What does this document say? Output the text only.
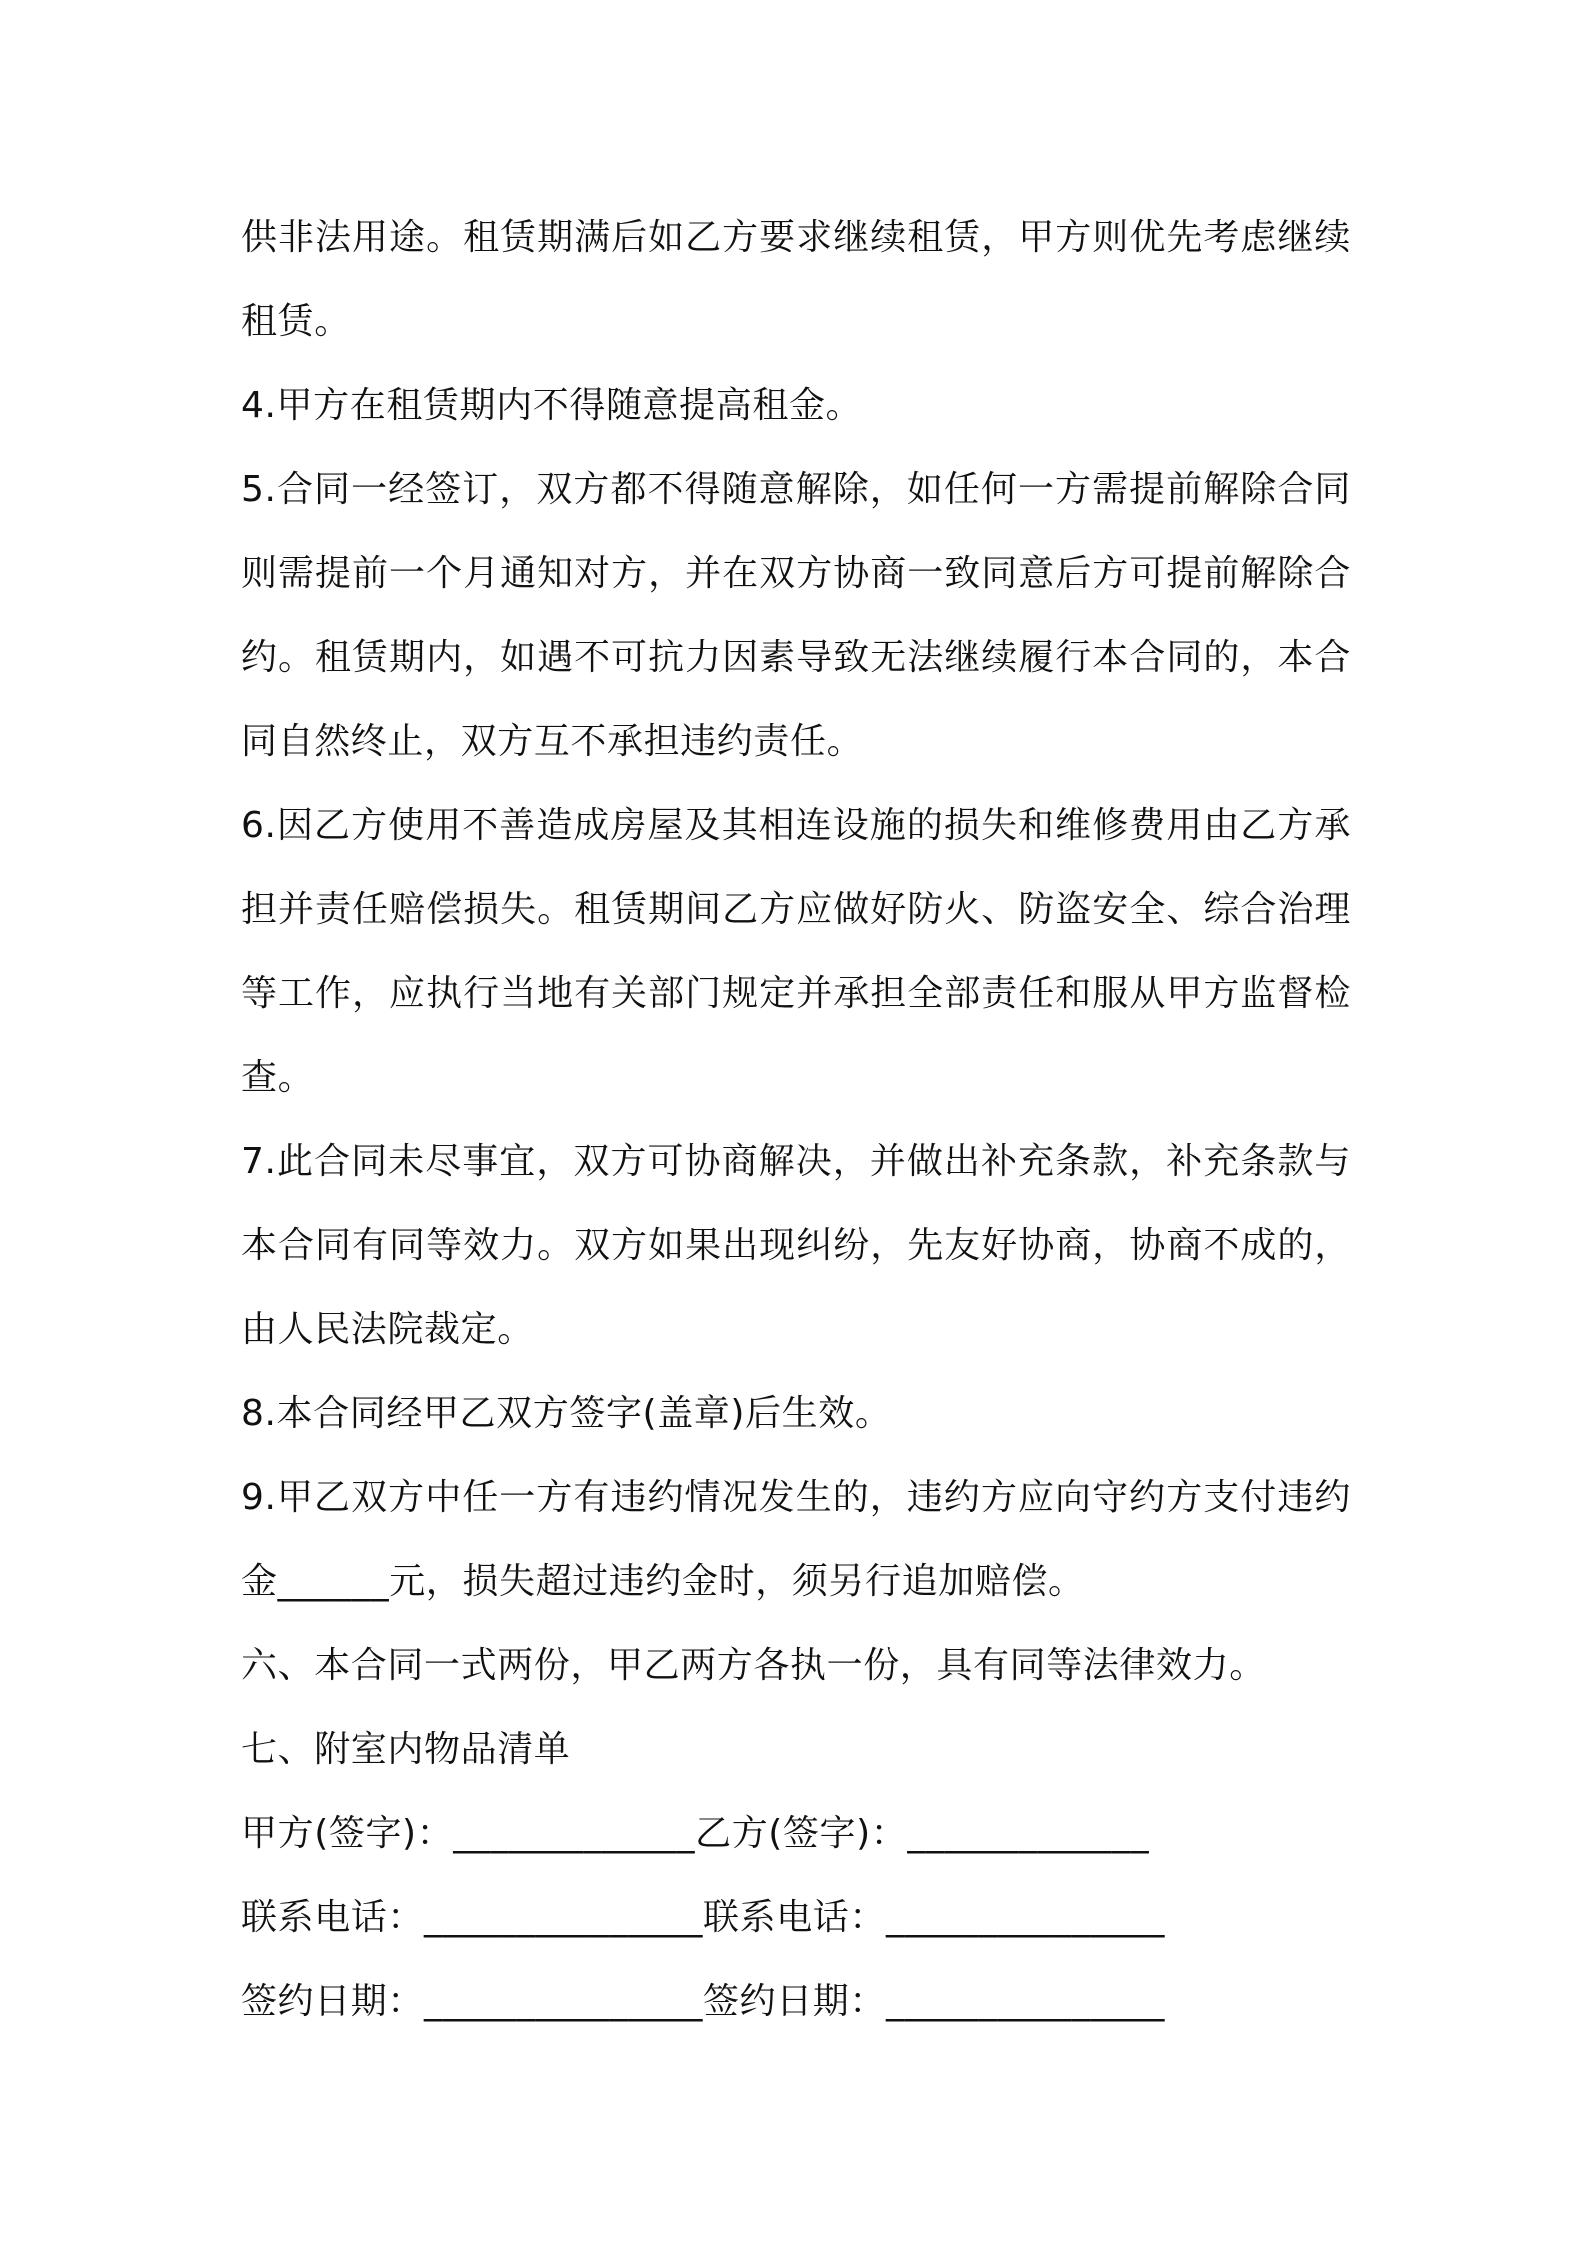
供非法用途。租赁期满后如乙方要求继续租赁，甲方则优先考虑继续租赁。

4.甲方在租赁期内不得随意提高租金。

5.合同一经签订，双方都不得随意解除，如任何一方需提前解除合同则需提前一个月通知对方，并在双方协商一致同意后方可提前解除合约。租赁期内，如遇不可抗力因素导致无法继续履行本合同的，本合同自然终止，双方互不承担违约责任。

6.因乙方使用不善造成房屋及其相连设施的损失和维修费用由乙方承担并责任赔偿损失。租赁期间乙方应做好防火、防盗安全、综合治理等工作，应执行当地有关部门规定并承担全部责任和服从甲方监督检查。

7.此合同未尽事宜，双方可协商解决，并做出补充条款，补充条款与本合同有同等效力。双方如果出现纠纷，先友好协商，协商不成的，由人民法院裁定。

8.本合同经甲乙双方签字(盖章)后生效。

9.甲乙双方中任一方有违约情况发生的，违约方应向守约方支付违约金______元，损失超过违约金时，须另行追加赔偿。

六、本合同一式两份，甲乙两方各执一份，具有同等法律效力。

七、附室内物品清单

甲方(签字)：_____________乙方(签字)：_____________

联系电话：_______________联系电话：_______________

签约日期：_______________签约日期：_______________
